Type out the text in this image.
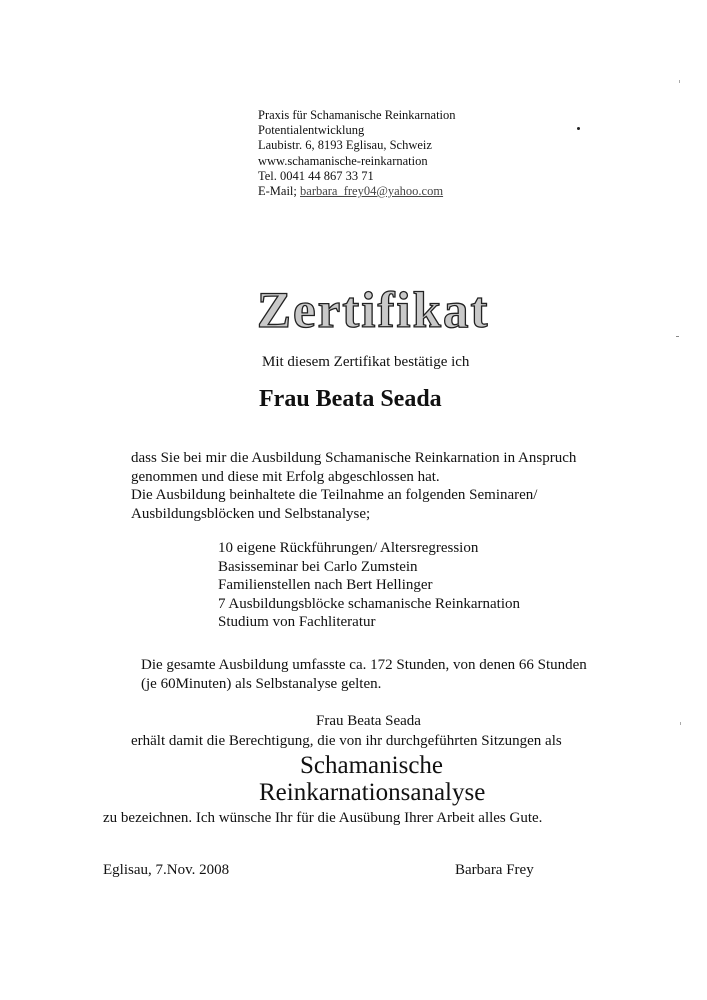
Praxis für Schamanische Reinkarnation
Potentialentwicklung
Laubistr. 6, 8193 Eglisau, Schweiz
www.schamanische-reinkarnation
Tel. 0041 44 867 33 71
E-Mail; barbara_frey04@yahoo.com
Zertifikat
Mit diesem Zertifikat bestätige ich
Frau Beata Seada
dass Sie bei mir die Ausbildung Schamanische Reinkarnation in Anspruch
genommen und diese mit Erfolg abgeschlossen hat.
Die Ausbildung beinhaltete die Teilnahme an folgenden Seminaren/
Ausbildungsblöcken und Selbstanalyse;
10 eigene Rückführungen/ Altersregression
Basisseminar bei Carlo Zumstein
Familienstellen nach Bert Hellinger
7 Ausbildungsblöcke schamanische Reinkarnation
Studium von Fachliteratur
Die gesamte Ausbildung umfasste ca. 172 Stunden, von denen 66 Stunden
(je 60Minuten) als Selbstanalyse gelten.
Frau Beata Seada
erhält damit die Berechtigung, die von ihr durchgeführten Sitzungen als
Schamanische
Reinkarnationsanalyse
zu bezeichnen. Ich wünsche Ihr für die Ausübung Ihrer Arbeit alles Gute.
Eglisau, 7.Nov. 2008	Barbara Frey
